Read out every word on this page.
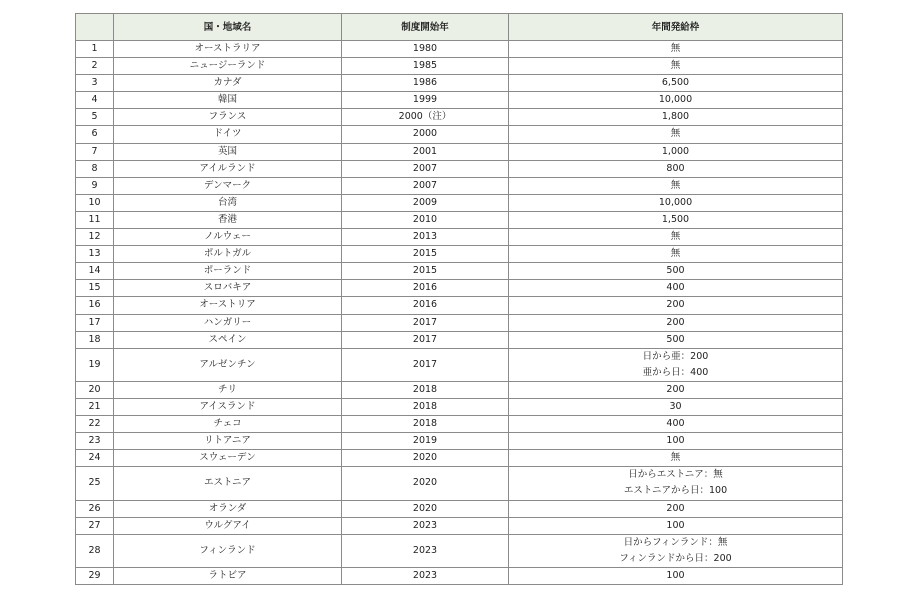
	国・地域名	制度開始年	年間発給枠
1	オーストラリア	1980	無

2	ニュージーランド	1985	無

3	カナダ	1986	6,500

4	韓国	1999	10,000

5	フランス	2000（注）	1,800

6	ドイツ	2000	無

7	英国	2001	1,000

8	アイルランド	2007	800

9	デンマーク	2007	無

10	台湾	2009	10,000

11	香港	2010	1,500

12	ノルウェー	2013	無

13	ポルトガル	2015	無

14	ポーランド	2015	500

15	スロバキア	2016	400

16	オーストリア	2016	200

17	ハンガリー	2017	200

18	スペイン	2017	500

19	アルゼンチン	2017	日から亜：200
亜から日：400

20	チリ	2018	200

21	アイスランド	2018	30

22	チェコ	2018	400

23	リトアニア	2019	100

24	スウェーデン	2020	無

25	エストニア	2020	日からエストニア：無
エストニアから日：100

26	オランダ	2020	200

27	ウルグアイ	2023	100

28	フィンランド	2023	日からフィンランド：無
フィンランドから日：200

29	ラトビア	2023	100
